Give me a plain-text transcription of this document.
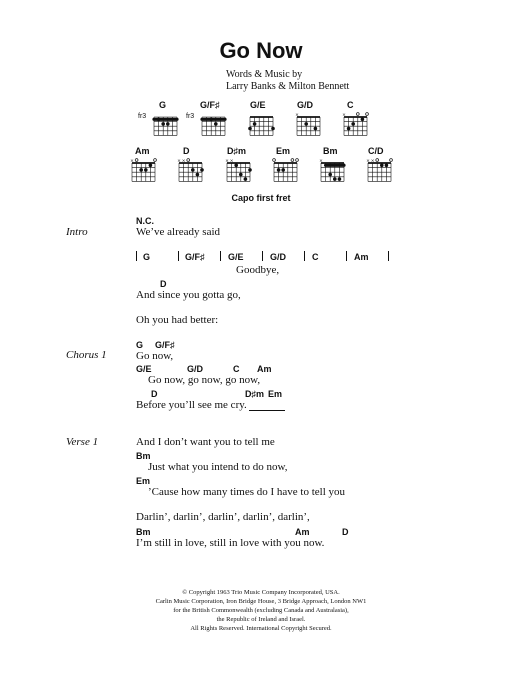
Go Now
Words & Music by
Larry Banks & Milton Bennett
G
fr3
G/F♯
fr3
G/E	G/D
×
C
×
Am
×
D
× ×
D♯m
× ×
Em	Bm
×
C/D
× ×
Capo first fret
Intro
N.C.
We’ve already said
G	G/F♯	G/E	G/D	C	Am
Goodbye,
D
And since you gotta go,
Oh you had better:
Chorus 1
G G/F♯
Go now,
G/E	G/D	C Am
Go now, go now, go now,
D	D♯m Em
Before you’ll see me cry.
Verse 1	And I don’t want you to tell me
Bm
Just what you intend to do now,
Em
’Cause how many times do I have to tell you
Darlin’, darlin’, darlin’, darlin’, darlin’,
Bm	Am	D
I’m still in love, still in love with you now.
© Copyright 1963 Trio Music Company Incorporated, USA.
Carlin Music Corporation, Iron Bridge House, 3 Bridge Approach, London NW1
for the British Commonwealth (excluding Canada and Australasia),
the Republic of Ireland and Israel.
All Rights Reserved. International Copyright Secured.
